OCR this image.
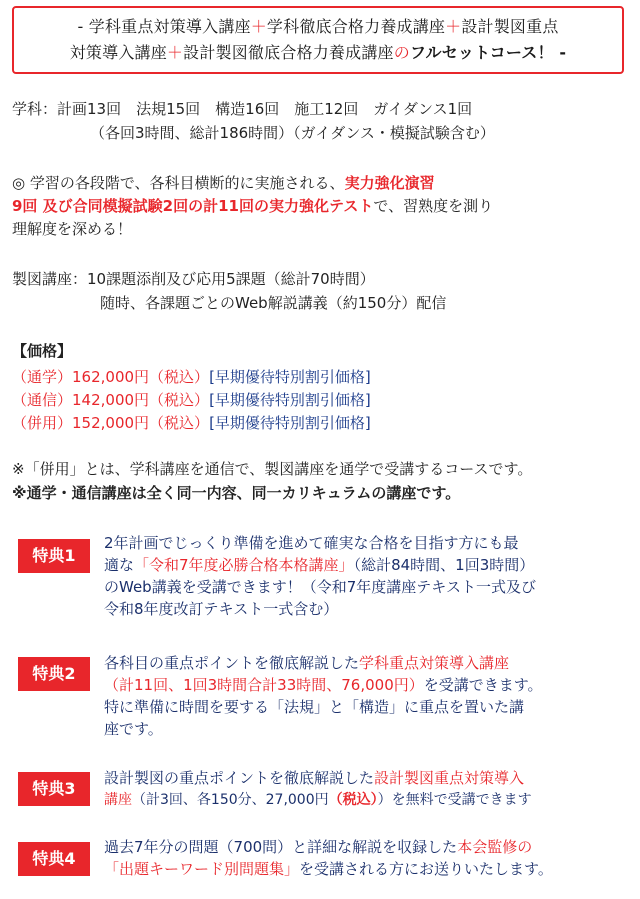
- 学科重点対策導入講座＋学科徹底合格力養成講座＋設計製図重点
対策導入講座＋設計製図徹底合格力養成講座のフルセットコース！ -
学科：計画13回　法規15回　構造16回　施工12回　ガイダンス1回
（各回3時間、総計186時間）（ガイダンス・模擬試験含む）
◎ 学習の各段階で、各科目横断的に実施される、実力強化演習
9回 及び合同模擬試験2回の計11回の実力強化テストで、習熟度を測り
理解度を深める！
製図講座：10課題添削及び応用5課題（総計70時間）
随時、各課題ごとのWeb解説講義（約150分）配信
【価格】
（通学）162,000円（税込）[早期優待特別割引価格]
（通信）142,000円（税込）[早期優待特別割引価格]
（併用）152,000円（税込）[早期優待特別割引価格]
※「併用」とは、学科講座を通信で、製図講座を通学で受講するコースです。
※通学・通信講座は全く同一内容、同一カリキュラムの講座です。
特典1
2年計画でじっくり準備を進めて確実な合格を目指す方にも最
適な「令和7年度必勝合格本格講座」（総計84時間、1回3時間）
のWeb講義を受講できます！（令和7年度講座テキスト一式及び
令和8年度改訂テキスト一式含む）
特典2
各科目の重点ポイントを徹底解説した学科重点対策導入講座
（計11回、1回3時間合計33時間、76,000円）を受講できます。
特に準備に時間を要する「法規」と「構造」に重点を置いた講
座です。
特典3
設計製図の重点ポイントを徹底解説した設計製図重点対策導入
講座（計3回、各150分、27,000円（税込））を無料で受講できます
特典4
過去7年分の問題（700問）と詳細な解説を収録した本会監修の
「出題キーワード別問題集」を受講される方にお送りいたします。
